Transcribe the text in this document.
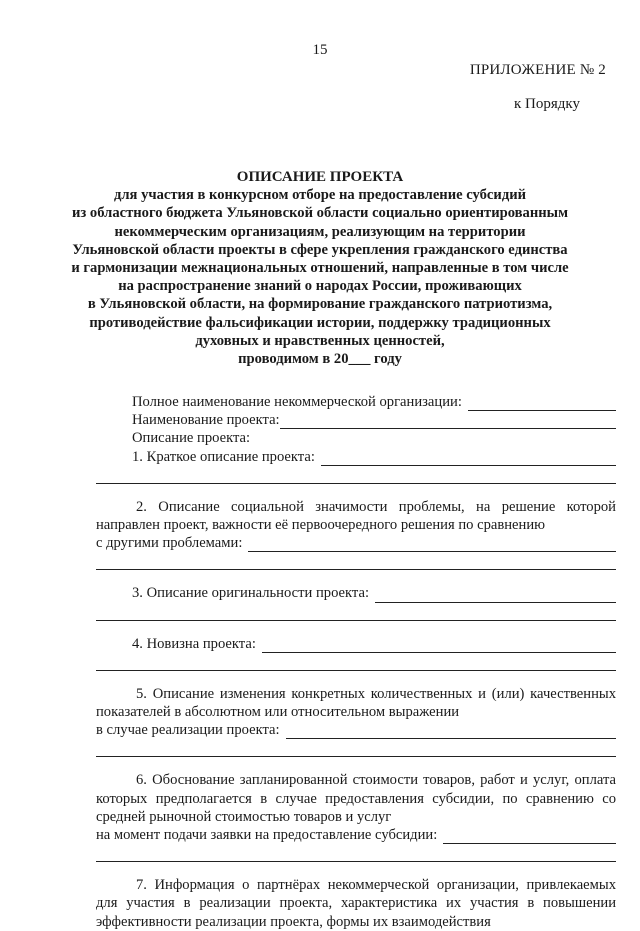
15
ПРИЛОЖЕНИЕ № 2
к Порядку
ОПИСАНИЕ ПРОЕКТА
для участия в конкурсном отборе на предоставление субсидий
из областного бюджета Ульяновской области социально ориентированным
некоммерческим организациям, реализующим на территории
Ульяновской области проекты в сфере укрепления гражданского единства
и гармонизации межнациональных отношений, направленные в том числе
на распространение знаний о народах России, проживающих
в Ульяновской области, на формирование гражданского патриотизма,
противодействие фальсификации истории, поддержку традиционных
духовных и нравственных ценностей,
проводимом в 20___ году
Полное наименование некоммерческой организации:
Наименование проекта:
Описание проекта:
1. Краткое описание проекта:

2. Описание социальной значимости проблемы, на решение которой направлен проект, важности её первоочередного решения по сравнению

с другими проблемами:
3. Описание оригинальности проекта:
4. Новизна проекта:

5. Описание изменения конкретных количественных и (или) качественных показателей в абсолютном или относительном выражении

в случае реализации проекта:

6. Обоснование запланированной стоимости товаров, работ и услуг, оплата которых предполагается в случае предоставления субсидии, по сравнению со средней рыночной стоимостью товаров и услуг

на момент подачи заявки на предоставление субсидии:

7. Информация о партнёрах некоммерческой организации, привлекаемых для участия в реализации проекта, характеристика их участия в повышении эффективности реализации проекта, формы их взаимодействия
